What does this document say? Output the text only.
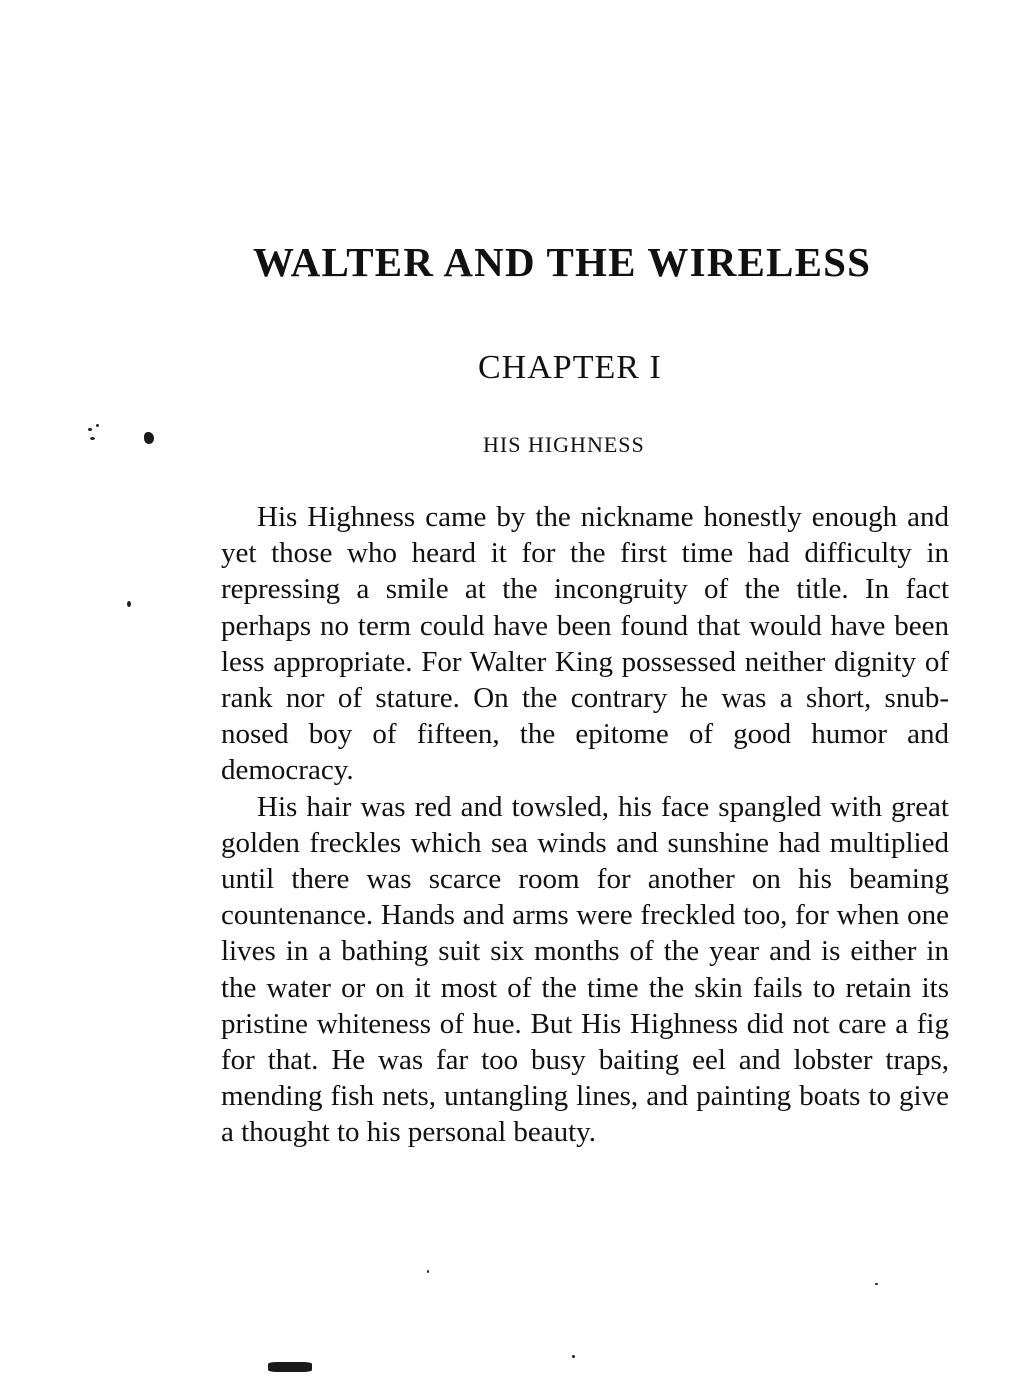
WALTER AND THE WIRELESS
CHAPTER I
HIS HIGHNESS

His Highness came by the nickname honestly enough and yet those who heard it for the first time had difficulty in repressing a smile at the incongruity of the title. In fact perhaps no term could have been found that would have been less appropriate. For Walter King possessed neither dignity of rank nor of stature. On the contrary he was a short, snub-nosed boy of fifteen, the epitome of good humor and democracy.

His hair was red and towsled, his face spangled with great golden freckles which sea winds and sunshine had multiplied until there was scarce room for another on his beaming countenance. Hands and arms were freckled too, for when one lives in a bathing suit six months of the year and is either in the water or on it most of the time the skin fails to retain its pristine whiteness of hue. But His Highness did not care a fig for that. He was far too busy baiting eel and lobster traps, mending fish nets, untangling lines, and painting boats to give a thought to his personal beauty.
